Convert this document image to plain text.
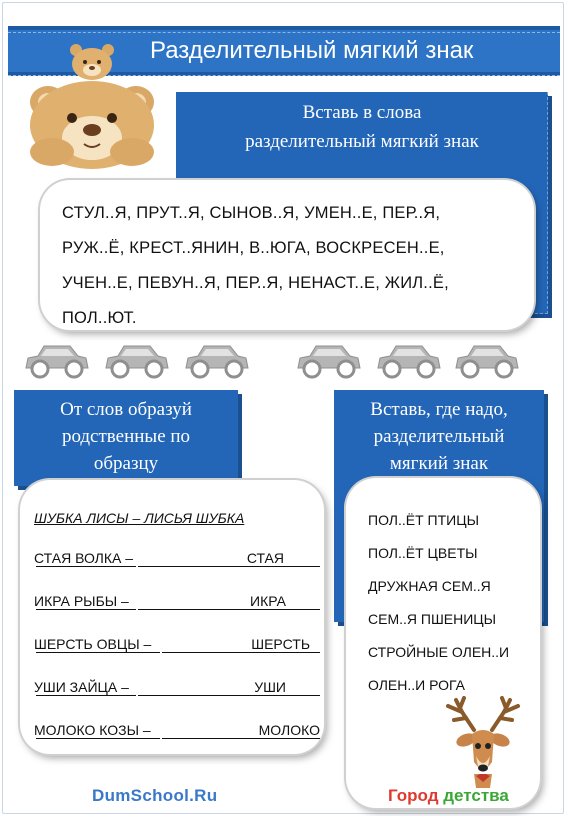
Разделительный мягкий знак
Вставь в слова
разделительный мягкий знак
СТУЛ..Я, ПРУТ..Я, СЫНОВ..Я, УМЕН..Е, ПЕР..Я,
РУЖ..Ё, КРЕСТ..ЯНИН, В..ЮГА, ВОСКРЕСЕН..Е,
УЧЕН..Е, ПЕВУН..Я, ПЕР..Я, НЕНАСТ..Е, ЖИЛ..Ё,
ПОЛ..ЮТ.
От слов образуй
родственные по
образцу
ШУБКА ЛИСЫ – ЛИСЬЯ ШУБКА
СТАЯ ВОЛКА –	СТАЯ
ИКРА РЫБЫ –	ИКРА
ШЕРСТЬ ОВЦЫ –	ШЕРСТЬ
УШИ ЗАЙЦА –	УШИ
МОЛОКО КОЗЫ –	МОЛОКО
Вставь, где надо,
разделительный
мягкий знак
ПОЛ..ЁТ ПТИЦЫ
ПОЛ..ЁТ ЦВЕТЫ
ДРУЖНАЯ СЕМ..Я
СЕМ..Я ПШЕНИЦЫ
СТРОЙНЫЕ ОЛЕН..И
ОЛЕН..И РОГА
DumSchool.Ru	Город детства
